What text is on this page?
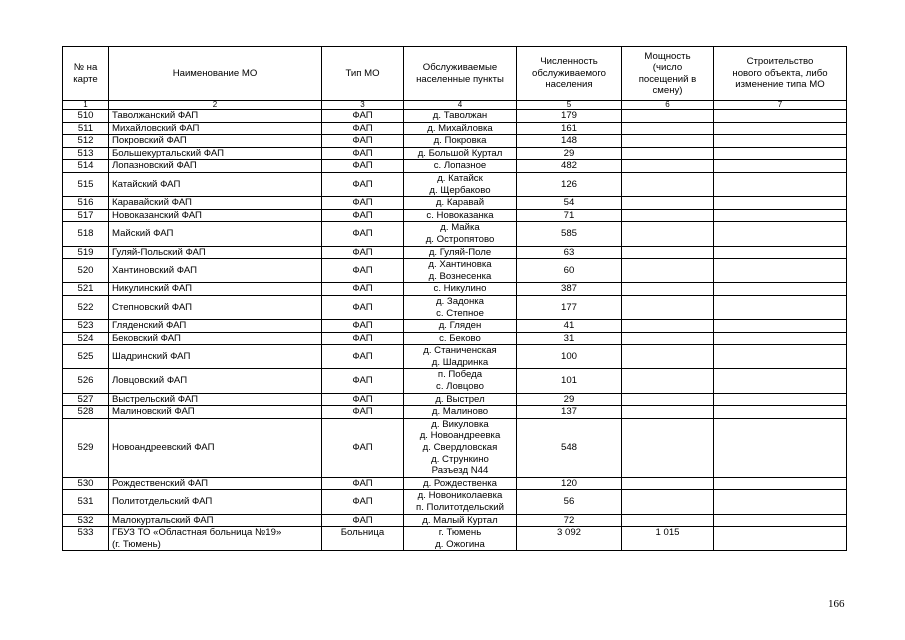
№ на
карте	Наименование МО	Тип МО	Обслуживаемые
населенные пункты	Численность
обслуживаемого
населения	Мощность
(число
посещений в
смену)	Строительство
нового объекта, либо
изменение типа МО
1	2	3	4	5	6	7
510	Таволжанский ФАП	ФАП	д. Таволжан	179		
511	Михайловский ФАП	ФАП	д. Михайловка	161		
512	Покровский ФАП	ФАП	д. Покровка	148		
513	Большекуртальский ФАП	ФАП	д. Большой Куртал	29		
514	Лопазновский ФАП	ФАП	с. Лопазное	482		
515	Катайский ФАП	ФАП	д. Катайск
д. Щербаково	126		
516	Каравайский ФАП	ФАП	д. Каравай	54		
517	Новоказанский ФАП	ФАП	с. Новоказанка	71		
518	Майский ФАП	ФАП	д. Майка
д. Остропятово	585		
519	Гуляй-Польский ФАП	ФАП	д. Гуляй-Поле	63		
520	Хантиновский ФАП	ФАП	д. Хантиновка
д. Вознесенка	60		
521	Никулинский ФАП	ФАП	с. Никулино	387		
522	Степновский ФАП	ФАП	д. Задонка
с. Степное	177		
523	Гляденский ФАП	ФАП	д. Гляден	41		
524	Бековский ФАП	ФАП	с. Беково	31		
525	Шадринский ФАП	ФАП	д. Станиченская
д. Шадринка	100		
526	Ловцовский ФАП	ФАП	п. Победа
с. Ловцово	101		
527	Выстрельский ФАП	ФАП	д. Выстрел	29		
528	Малиновский ФАП	ФАП	д. Малиново	137		
529	Новоандреевский ФАП	ФАП	д. Викуловка
д. Новоандреевка
д. Свердловская
д. Стрункино
Разъезд N44	548		
530	Рождественский ФАП	ФАП	д. Рождественка	120		
531	Политотдельский ФАП	ФАП	д. Новониколаевка
п. Политотдельский	56		
532	Малокуртальский ФАП	ФАП	д. Малый Куртал	72		
533	ГБУЗ ТО «Областная больница №19»
(г. Тюмень)	Больница	г. Тюмень
д. Ожогина	3 092	1 015	
166
